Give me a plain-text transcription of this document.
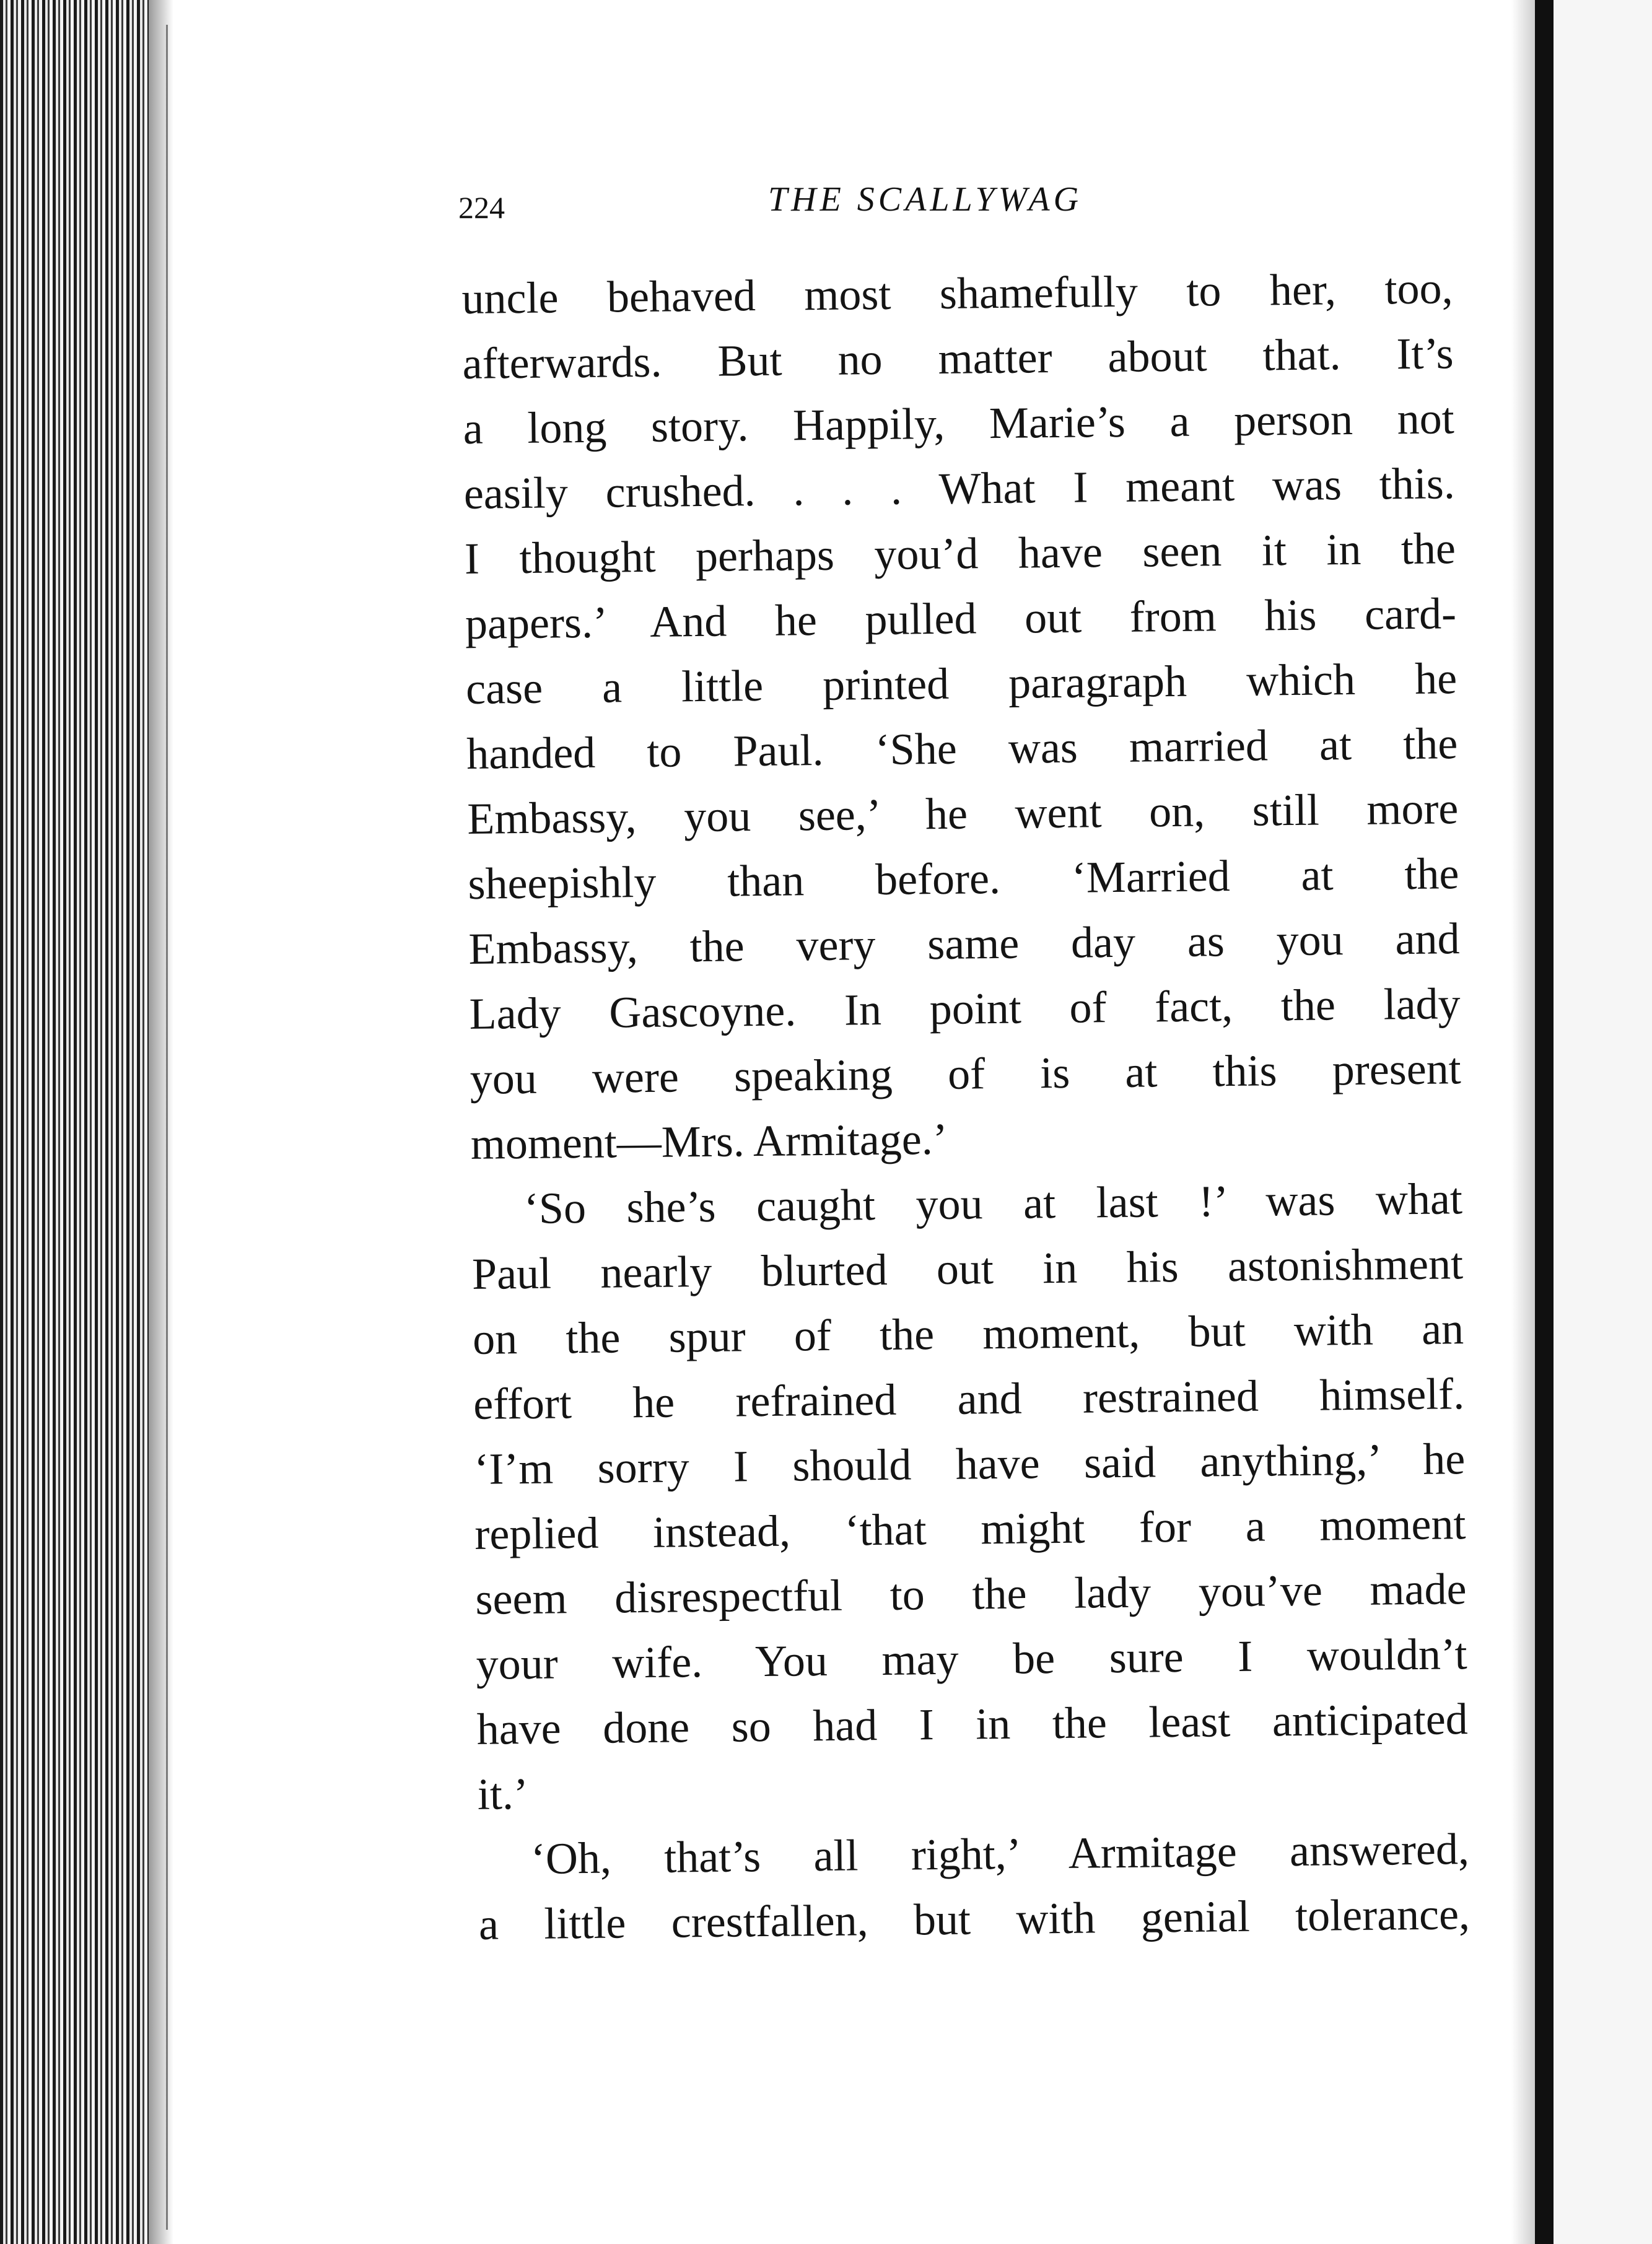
224	THE SCALLYWAG
uncle behaved most shamefully to her, too,
afterwards. But no matter about that. It’s
a long story. Happily, Marie’s a person not
easily crushed. . . . What I meant was this.
I thought perhaps you’d have seen it in the
papers.’ And he pulled out from his card-
case a little printed paragraph which he
handed to Paul. ‘She was married at the
Embassy, you see,’ he went on, still more
sheepishly than before. ‘Married at the
Embassy, the very same day as you and
Lady Gascoyne. In point of fact, the lady
you were speaking of is at this present
moment—Mrs. Armitage.’
‘So she’s caught you at last !’ was what
Paul nearly blurted out in his astonishment
on the spur of the moment, but with an
effort he refrained and restrained himself.
‘I’m sorry I should have said anything,’ he
replied instead, ‘that might for a moment
seem disrespectful to the lady you’ve made
your wife. You may be sure I wouldn’t
have done so had I in the least anticipated
it.’
‘Oh, that’s all right,’ Armitage answered,
a little crestfallen, but with genial tolerance,
